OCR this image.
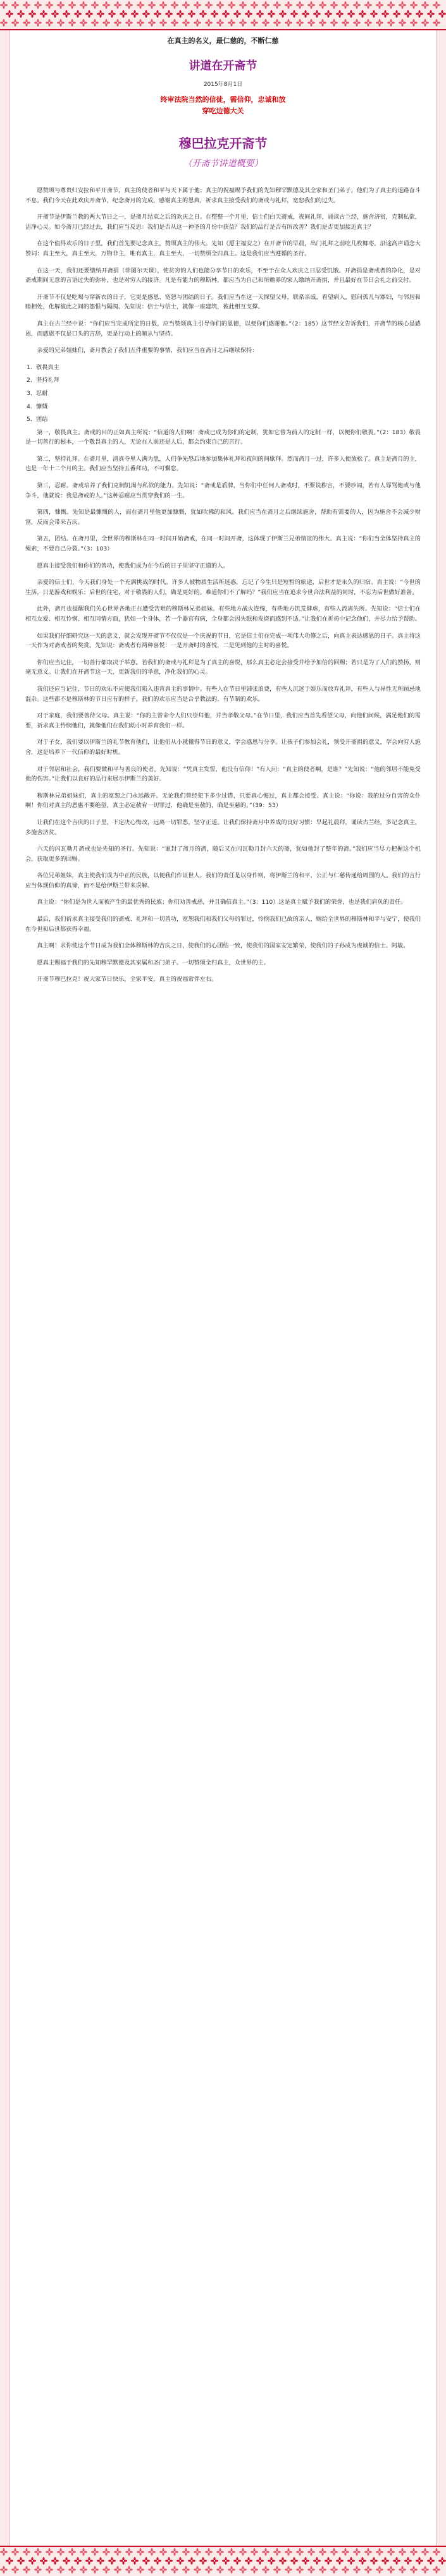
在真主的名义，最仁慈的，不断仁慈
讲道在开斋节
2015年8月1日
终审法院当然的信徒，需信仰，忠诚和放
穿吃边德大关
穆巴拉克开斋节
（开斋节讲道概要）

愿赞颂与尊贵归安拉和平开斋节，真主的使者和平与天下属于他；真主的祝福赐予我们的先知穆罕默德及其全家和圣门弟子，他们为了真主的道路奋斗不息。我们今天在此欢庆开斋节，纪念斋月的完成，感谢真主的恩典，祈求真主接受我们的斋戒与礼拜，宽恕我们的过失。

开斋节是伊斯兰教的两大节日之一，是斋月结束之后的欢庆之日。在整整一个月里，信士们白天斋戒，夜间礼拜，诵读古兰经，施舍济贫，克制私欲，洁净心灵。如今斋月已经过去，我们应当反思：我们是否从这一神圣的月份中获益？我们的品行是否有所改善？我们是否更加接近真主？

在这个值得欢乐的日子里，我们首先要记念真主，赞颂真主的伟大。先知（愿主福安之）在开斋节的早晨，出门礼拜之前吃几枚椰枣，沿途高声诵念大赞词：真主至大，真主至大，万物非主，唯有真主，真主至大，一切赞颂全归真主。这是我们应当遵循的圣行。

在这一天，我们还要缴纳开斋捐（菲图尔天课），使贫穷的人们也能分享节日的欢乐，不至于在众人欢庆之日忍受饥饿。开斋捐是斋戒者的净化，是对斋戒期间无意的言语过失的弥补，也是对穷人的接济。凡是有能力的穆斯林，都应当为自己和所赡养的家人缴纳开斋捐，并且最好在节日会礼之前交付。

开斋节不仅是吃喝与穿新衣的日子，它更是感恩、宽恕与团结的日子。我们应当在这一天探望父母，联系亲戚，看望病人，慰问孤儿与寡妇，与邻居和睦相处，化解彼此之间的怨恨与隔阂。先知说：信士与信士，就像一座建筑，彼此相互支撑。

真主在古兰经中说：“你们应当完成所定的日数，应当赞颂真主引导你们的恩德，以便你们感谢他。”（2：185）这节经文告诉我们，开斋节的核心是感恩，而感恩不仅是口头的言辞，更是行动上的顺从与坚持。

亲爱的兄弟姐妹们，斋月教会了我们五件重要的事情，我们应当在斋月之后继续保持：

1．敬畏真主

2．坚持礼拜

3．忍耐

4．慷慨

5．团结

第一，敬畏真主。斋戒的目的正如真主所说：“信道的人们啊！斋戒已成为你们的定制，犹如它曾为前人的定制一样，以便你们敬畏。”（2：183）敬畏是一切善行的根本，一个敬畏真主的人，无论在人前还是人后，都会约束自己的言行。

第二，坚持礼拜。在斋月里，清真寺里人满为患，人们争先恐后地参加集体礼拜和夜间的间歇拜。然而斋月一过，许多人便放松了。真主是斋月的主，也是一年十二个月的主。我们应当坚持五番拜功，不可懈怠。

第三，忍耐。斋戒培养了我们克制饥渴与私欲的能力。先知说：“斋戒是盾牌，当你们中任何人斋戒时，不要说秽言，不要吵闹，若有人辱骂他或与他争斗，他就说：我是斋戒的人。”这种忍耐应当贯穿我们的一生。

第四，慷慨。先知是最慷慨的人，而在斋月里他更加慷慨，犹如吹拂的和风。我们应当在斋月之后继续施舍，帮助有需要的人，因为施舍不会减少财富，反而会带来吉庆。

第五，团结。在斋月里，全世界的穆斯林在同一时间开始斋戒，在同一时间开斋，这体现了伊斯兰兄弟情谊的伟大。真主说：“你们当全体坚持真主的绳索，不要自己分裂。”（3：103）

愿真主接受我们和你们的善功，使我们成为在今后的日子里坚守正道的人。

亲爱的信士们，今天我们身处一个充满挑战的时代。许多人被物质生活所迷惑，忘记了今生只是短暂的旅途，后世才是永久的归宿。真主说：“今世的生活，只是游戏和娱乐；后世的住宅，对于敬畏的人们，确是更好的。难道你们不了解吗？”我们应当在追求今世合法利益的同时，不忘为后世做好准备。

此外，斋月也提醒我们关心世界各地正在遭受苦难的穆斯林兄弟姐妹。有些地方战火连绵，有些地方饥荒肆虐，有些人流离失所。先知说：“信士们在相互友爱、相互怜悯、相互同情方面，犹如一个身体，若一个器官有病，全身都会因失眠和发烧而感到不适。”让我们在祈祷中记念他们，并尽力给予帮助。

如果我们仔细研究这一天的意义，就会发现开斋节不仅仅是一个庆祝的节日，它是信士们在完成一项伟大功修之后，向真主表达感恩的日子。真主将这一天作为对斋戒者的奖赏。先知说：斋戒者有两种喜悦：一是开斋时的喜悦，二是见到他的主时的喜悦。

你们应当记住，一切善行都取决于举意。若我们的斋戒与礼拜是为了真主的喜悦，那么真主必定会接受并给予加倍的回赐；若只是为了人们的赞扬，则毫无意义。让我们在开斋节这一天，更新我们的举意，净化我们的心灵。

我们还应当记住，节日的欢乐不应使我们陷入违背真主的事情中。有些人在节日里铺张浪费，有些人沉迷于娱乐而放弃礼拜，有些人与异性无所顾忌地混杂。这些都不是穆斯林的节日应有的样子。我们的欢乐应当是合乎教法的、有节制的欢乐。

对于家庭，我们要善待父母。真主说：“你的主曾命令人们只崇拜他，并当孝敬父母。”在节日里，我们应当首先看望父母，向他们问候，满足他们的需要，祈求真主怜悯他们，就像他们在我们幼小时养育我们一样。

对于子女，我们要以伊斯兰的礼节教育他们，让他们从小就懂得节日的意义，学会感恩与分享。让孩子们参加会礼，领受开斋捐的意义，学会向穷人施舍，这是培养下一代信仰的最好时机。

对于邻居和社会，我们要做和平与善良的使者。先知说：“凭真主发誓，他没有信仰！”有人问：“真主的使者啊，是谁？”先知说：“他的邻居不能免受他的伤害。”让我们以良好的品行来展示伊斯兰的美好。

穆斯林兄弟姐妹们，真主的宽恕之门永远敞开。无论我们曾经犯下多少过错，只要真心悔过，真主都会接受。真主说：“你说：我的过分自害的众仆啊！你们对真主的恩惠不要绝望，真主必定赦宥一切罪过，他确是至赦的，确是至慈的。”（39：53）

让我们在这个吉庆的日子里，下定决心悔改，远离一切罪恶，坚守正道。让我们保持斋月中养成的良好习惯：早起礼晨拜，诵读古兰经，多记念真主，多施舍济贫。

六天的闪瓦勒月斋戒也是先知的圣行。先知说：“谁封了斋月的斋，随后又在闪瓦勒月封六天的斋，犹如他封了整年的斋。”我们应当尽力把握这个机会，获取更多的回赐。

各位兄弟姐妹，真主使我们成为中正的民族，以便我们作证世人。我们的责任是以身作则，将伊斯兰的和平、公正与仁慈传递给周围的人。我们的言行应当体现信仰的真谛，而不是给伊斯兰带来误解。

真主说：“你们是为世人而被产生的最优秀的民族；你们劝善戒恶，并且确信真主。”（3：110）这是真主赋予我们的荣誉，也是我们肩负的责任。

最后，我们祈求真主接受我们的斋戒、礼拜和一切善功，宽恕我们和我们父母的罪过，怜悯我们已故的亲人，赐给全世界的穆斯林和平与安宁，使我们在今世和后世都获得幸福。

真主啊！求你使这个节日成为我们全体穆斯林的吉庆之日，使我们的心团结一致，使我们的国家安定繁荣，使我们的子孙成为虔诚的信士。阿敏。

愿真主赐福于我们的先知穆罕默德及其家属和圣门弟子。一切赞颂全归真主，众世界的主。

开斋节穆巴拉克！祝大家节日快乐，全家平安，真主的祝福常伴左右。
